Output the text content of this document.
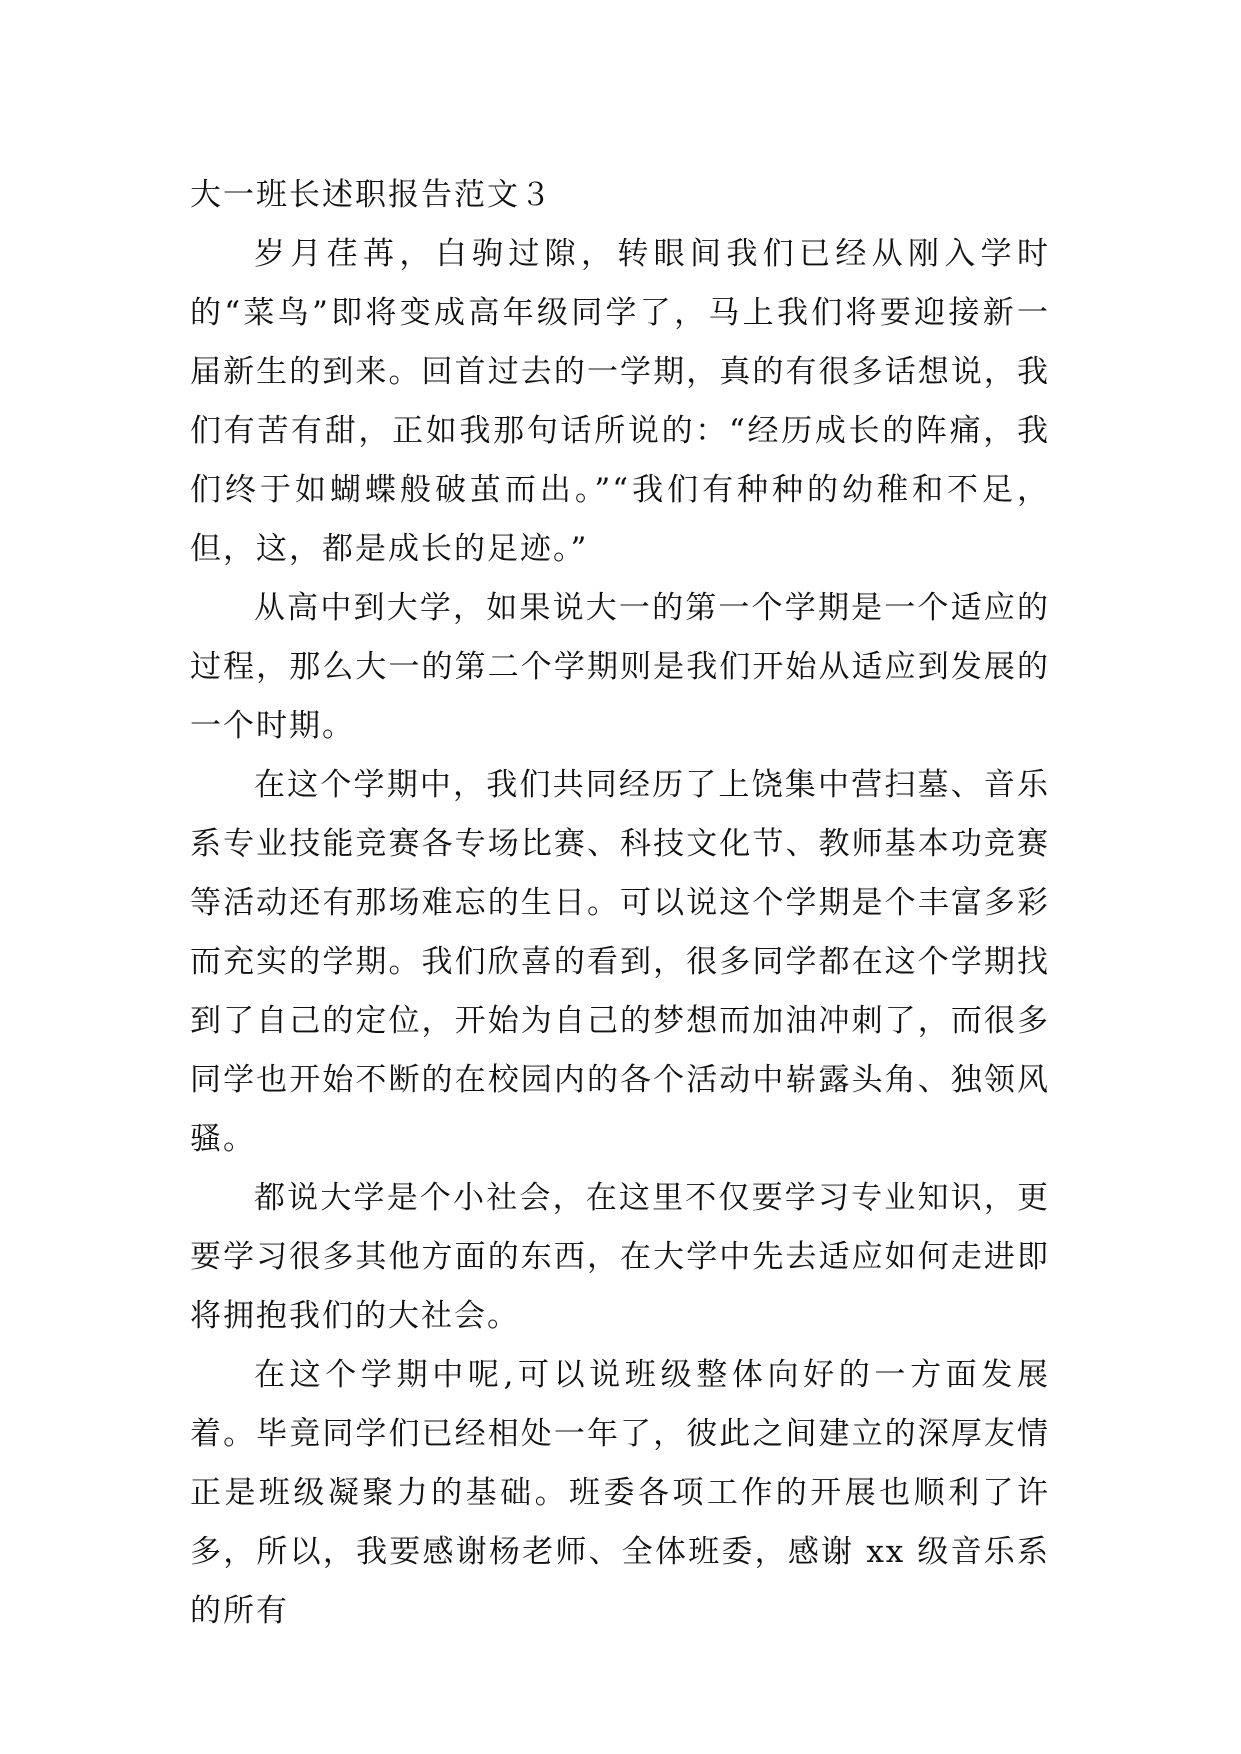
大一班长述职报告范文３

岁月荏苒，白驹过隙，转眼间我们已经从刚入学时的“菜鸟”即将变成高年级同学了，马上我们将要迎接新一届新生的到来。回首过去的一学期，真的有很多话想说，我们有苦有甜，正如我那句话所说的：“经历成长的阵痛，我们终于如蝴蝶般破茧而出。”“我们有种种的幼稚和不足，但，这，都是成长的足迹。”

从高中到大学，如果说大一的第一个学期是一个适应的过程，那么大一的第二个学期则是我们开始从适应到发展的一个时期。

在这个学期中，我们共同经历了上饶集中营扫墓、音乐系专业技能竞赛各专场比赛、科技文化节、教师基本功竞赛等活动还有那场难忘的生日。可以说这个学期是个丰富多彩而充实的学期。我们欣喜的看到，很多同学都在这个学期找到了自己的定位，开始为自己的梦想而加油冲刺了，而很多同学也开始不断的在校园内的各个活动中崭露头角、独领风骚。

都说大学是个小社会，在这里不仅要学习专业知识，更要学习很多其他方面的东西，在大学中先去适应如何走进即将拥抱我们的大社会。

在这个学期中呢,可以说班级整体向好的一方面发展着。毕竟同学们已经相处一年了，彼此之间建立的深厚友情正是班级凝聚力的基础。班委各项工作的开展也顺利了许多，所以，我要感谢杨老师、全体班委，感谢 xx 级音乐系的所有
